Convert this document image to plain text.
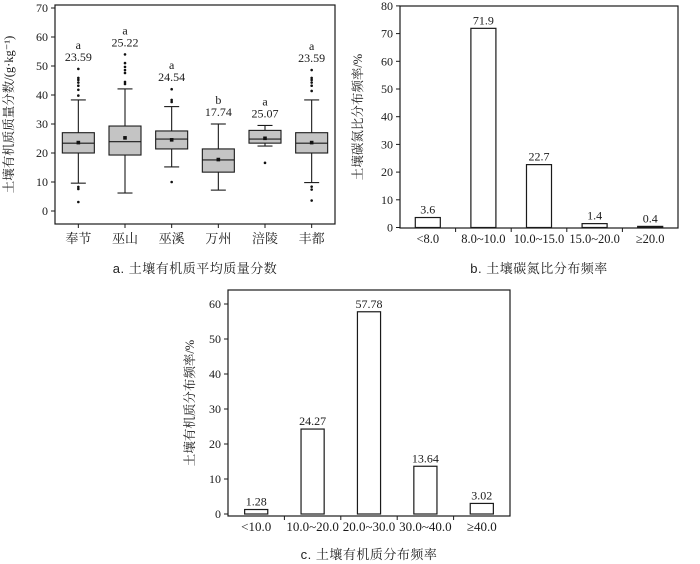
0
10
20
30
40
50
60
70
土壤有机质质量分数/(g·kg⁻¹)	a
23.59
奉节
a
25.22
巫山
a
24.54
巫溪
b
17.74
万州
a
25.07
涪陵
a
23.59
丰都
a. 土壤有机质平均质量分数
0
10
20
30
40
50
60
70
80
土壤碳氮比分布频率/%
3.6
<8.0
71.9
8.0~10.0
22.7
10.0~15.0
1.4
15.0~20.0
0.4
≥20.0
b. 土壤碳氮比分布频率
0
10
20
30
40
50
60
土壤有机质分布频率/%
1.28
<10.0
24.27
10.0~20.0
57.78
20.0~30.0
13.64
30.0~40.0
3.02
≥40.0
c. 土壤有机质分布频率
